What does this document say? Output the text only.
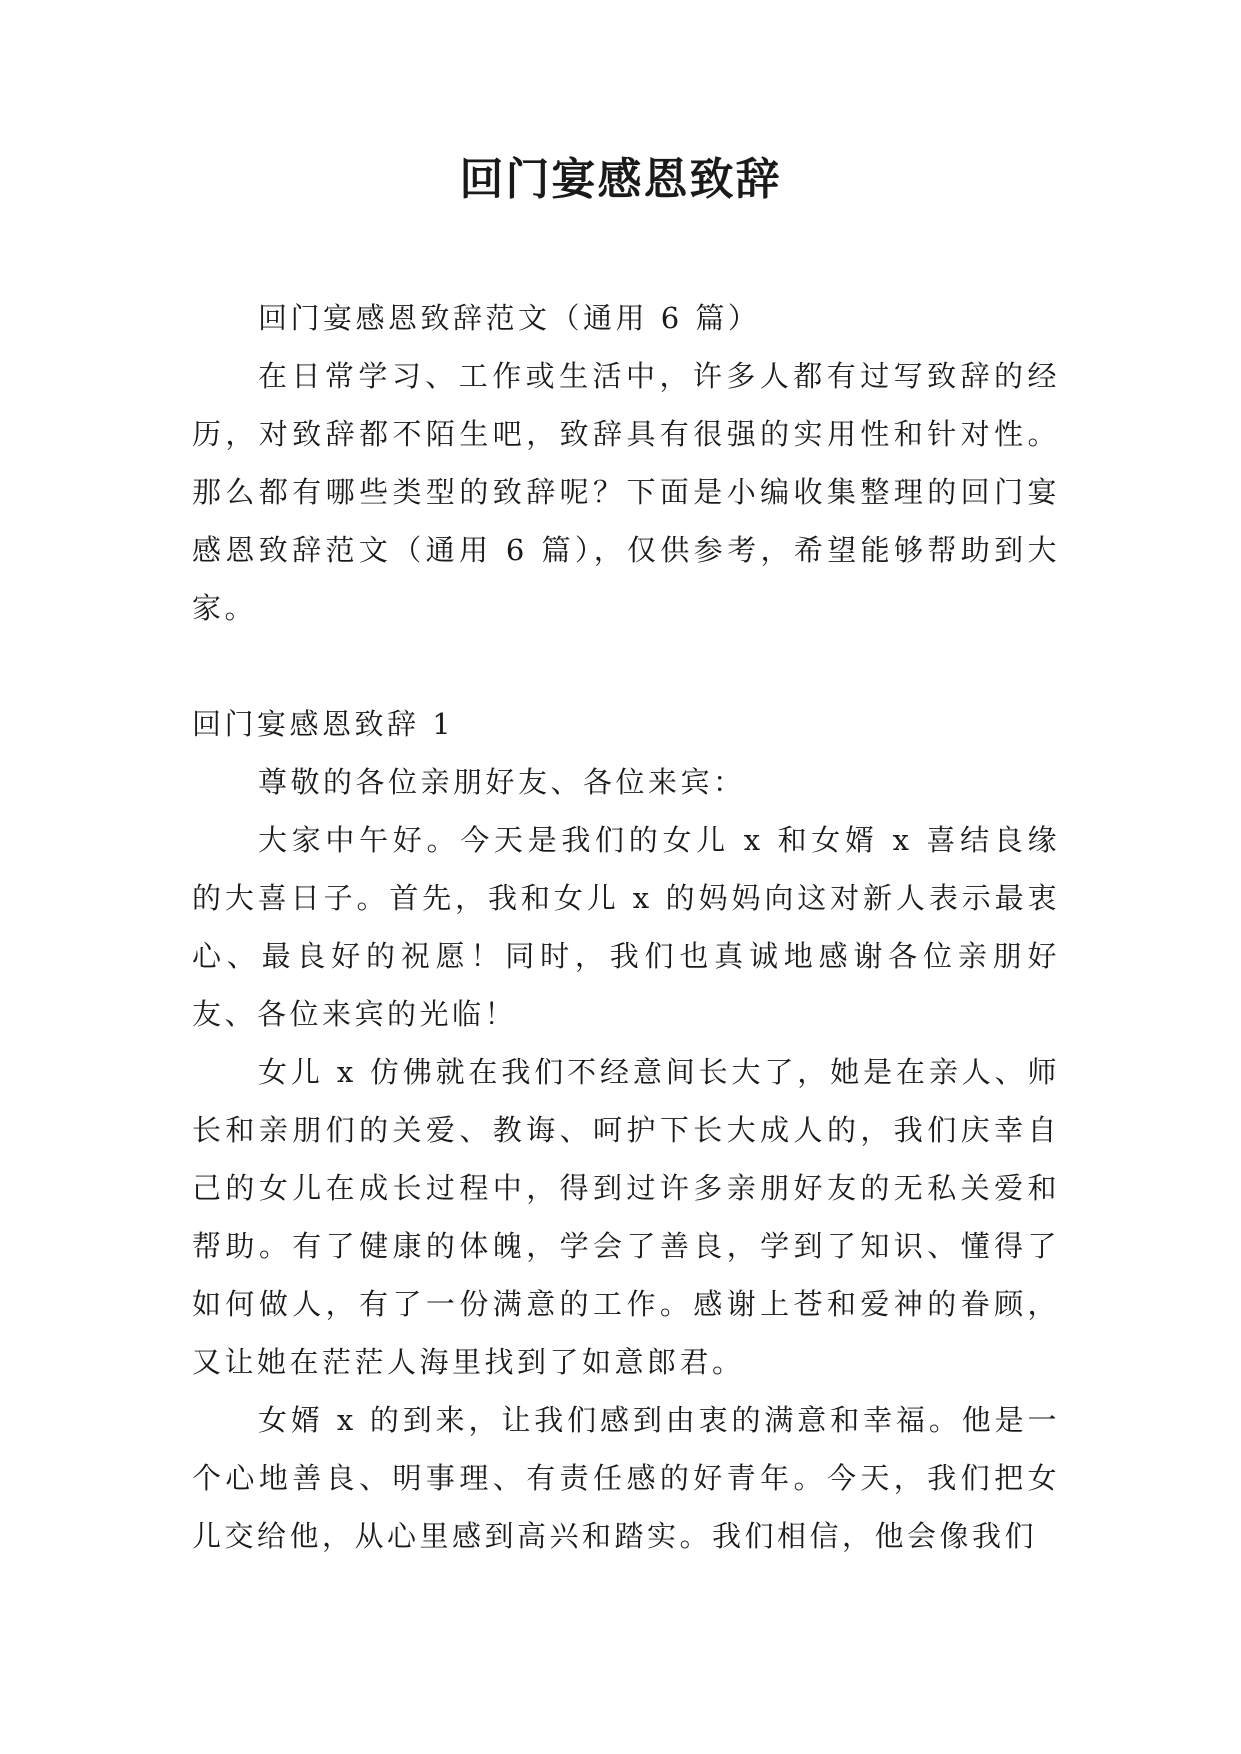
回门宴感恩致辞

回门宴感恩致辞范文（通用 6 篇）

在日常学习、工作或生活中，许多人都有过写致辞的经历，对致辞都不陌生吧，致辞具有很强的实用性和针对性。那么都有哪些类型的致辞呢？下面是小编收集整理的回门宴感恩致辞范文（通用 6 篇），仅供参考，希望能够帮助到大家。

回门宴感恩致辞 1

尊敬的各位亲朋好友、各位来宾：

大家中午好。今天是我们的女儿 x 和女婿 x 喜结良缘的大喜日子。首先，我和女儿 x 的妈妈向这对新人表示最衷心、最良好的祝愿！同时，我们也真诚地感谢各位亲朋好友、各位来宾的光临！

女儿 x 仿佛就在我们不经意间长大了，她是在亲人、师长和亲朋们的关爱、教诲、呵护下长大成人的，我们庆幸自己的女儿在成长过程中，得到过许多亲朋好友的无私关爱和帮助。有了健康的体魄，学会了善良，学到了知识、懂得了如何做人，有了一份满意的工作。感谢上苍和爱神的眷顾，又让她在茫茫人海里找到了如意郎君。

女婿 x 的到来，让我们感到由衷的满意和幸福。他是一个心地善良、明事理、有责任感的好青年。今天，我们把女儿交给他，从心里感到高兴和踏实。我们相信，他会像我们
